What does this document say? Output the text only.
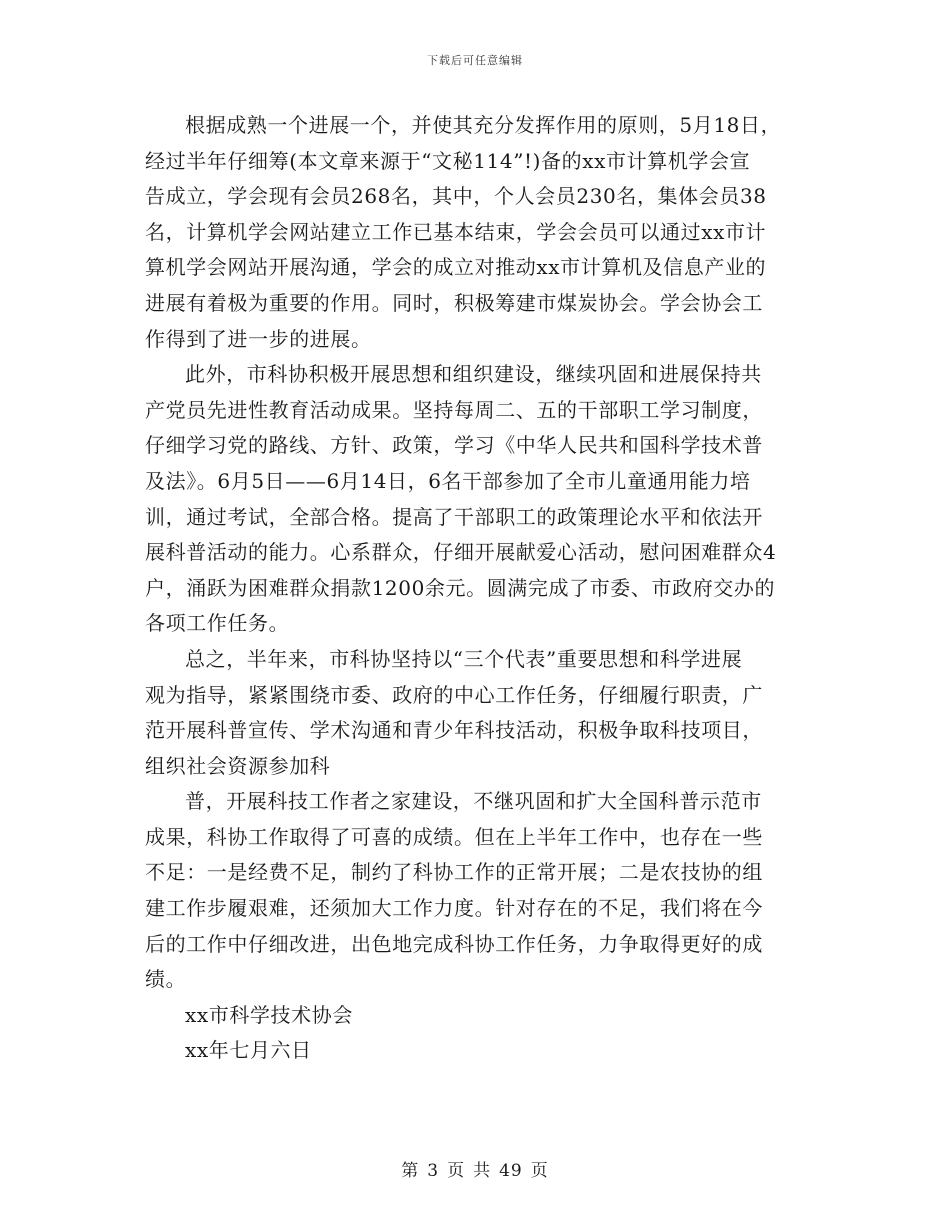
下载后可任意编辑
根据成熟一个进展一个，并使其充分发挥作用的原则，5月18日，
经过半年仔细筹(本文章来源于“文秘114”!)备的xx市计算机学会宣
告成立，学会现有会员268名，其中，个人会员230名，集体会员38
名，计算机学会网站建立工作已基本结束，学会会员可以通过xx市计
算机学会网站开展沟通，学会的成立对推动xx市计算机及信息产业的
进展有着极为重要的作用。同时，积极筹建市煤炭协会。学会协会工
作得到了进一步的进展。
此外，市科协积极开展思想和组织建设，继续巩固和进展保持共
产党员先进性教育活动成果。坚持每周二、五的干部职工学习制度，
仔细学习党的路线、方针、政策，学习《中华人民共和国科学技术普
及法》。6月5日——6月14日，6名干部参加了全市儿童通用能力培
训，通过考试，全部合格。提高了干部职工的政策理论水平和依法开
展科普活动的能力。心系群众，仔细开展献爱心活动，慰问困难群众4
户，涌跃为困难群众捐款1200余元。圆满完成了市委、市政府交办的
各项工作任务。
总之，半年来，市科协坚持以“三个代表”重要思想和科学进展
观为指导，紧紧围绕市委、政府的中心工作任务，仔细履行职责，广
范开展科普宣传、学术沟通和青少年科技活动，积极争取科技项目，
组织社会资源参加科
普，开展科技工作者之家建设，不继巩固和扩大全国科普示范市
成果，科协工作取得了可喜的成绩。但在上半年工作中，也存在一些
不足：一是经费不足，制约了科协工作的正常开展；二是农技协的组
建工作步履艰难，还须加大工作力度。针对存在的不足，我们将在今
后的工作中仔细改进，出色地完成科协工作任务，力争取得更好的成
绩。

xx市科学技术协会

xx年七月六日

第 3 页 共 49 页
